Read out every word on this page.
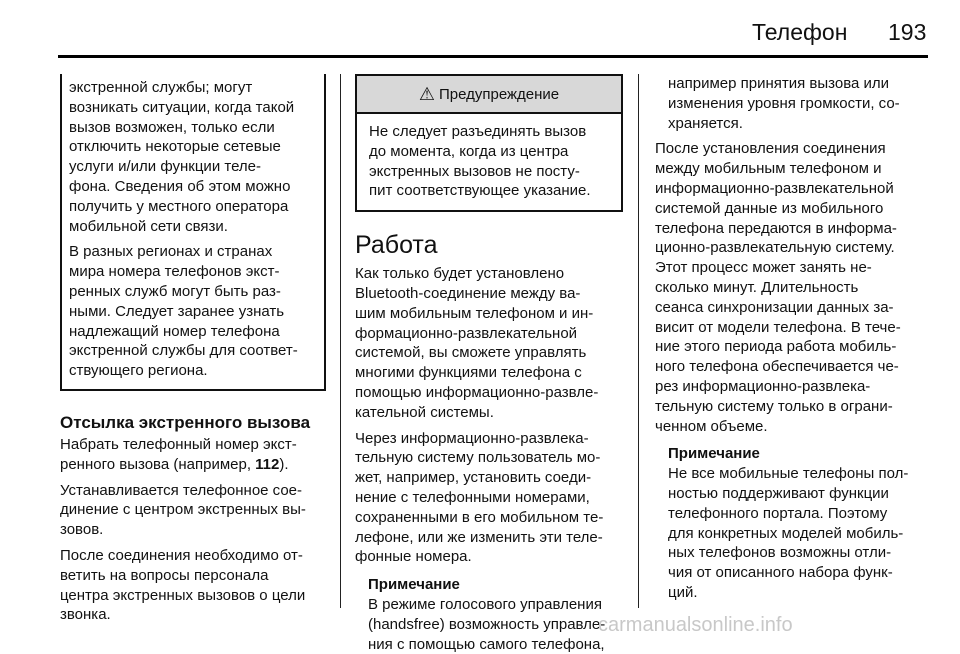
Телефон 193

экстренной службы; могут

возникать ситуации, когда такой

вызов возможен, только если

отключить некоторые сетевые

услуги и/или функции теле-

фона. Сведения об этом можно

получить у местного оператора

мобильной сети связи.

В разных регионах и странах

мира номера телефонов экст-

ренных служб могут быть раз-

ными. Следует заранее узнать

надлежащий номер телефона

экстренной службы для соответ-

ствующего региона.

Отсылка экстренного вызова

Набрать телефонный номер экст-

ренного вызова (например, 112).

Устанавливается телефонное сое-

динение с центром экстренных вы-

зовов.

После соединения необходимо от-

ветить на вопросы персонала

центра экстренных вызовов о цели

звонка.

⚠ Предупреждение

Не следует разъединять вызов

до момента, когда из центра

экстренных вызовов не посту-

пит соответствующее указание.

Работа

Как только будет установлено

Bluetooth-соединение между ва-

шим мобильным телефоном и ин-

формационно-развлекательной

системой, вы сможете управлять

многими функциями телефона с

помощью информационно-развле-

кательной системы.

Через информационно-развлека-

тельную систему пользователь мо-

жет, например, установить соеди-

нение с телефонными номерами,

сохраненными в его мобильном те-

лефоне, или же изменить эти теле-

фонные номера.

Примечание

В режиме голосового управления

(handsfree) возможность управле-

ния с помощью самого телефона,

например принятия вызова или

изменения уровня громкости, со-

храняется.

После установления соединения

между мобильным телефоном и

информационно-развлекательной

системой данные из мобильного

телефона передаются в информа-

ционно-развлекательную систему.

Этот процесс может занять не-

сколько минут. Длительность

сеанса синхронизации данных за-

висит от модели телефона. В тече-

ние этого периода работа мобиль-

ного телефона обеспечивается че-

рез информационно-развлека-

тельную систему только в ограни-

ченном объеме.

Примечание

Не все мобильные телефоны пол-

ностью поддерживают функции

телефонного портала. Поэтому

для конкретных моделей мобиль-

ных телефонов возможны отли-

чия от описанного набора функ-

ций.

carmanualsonline.info
